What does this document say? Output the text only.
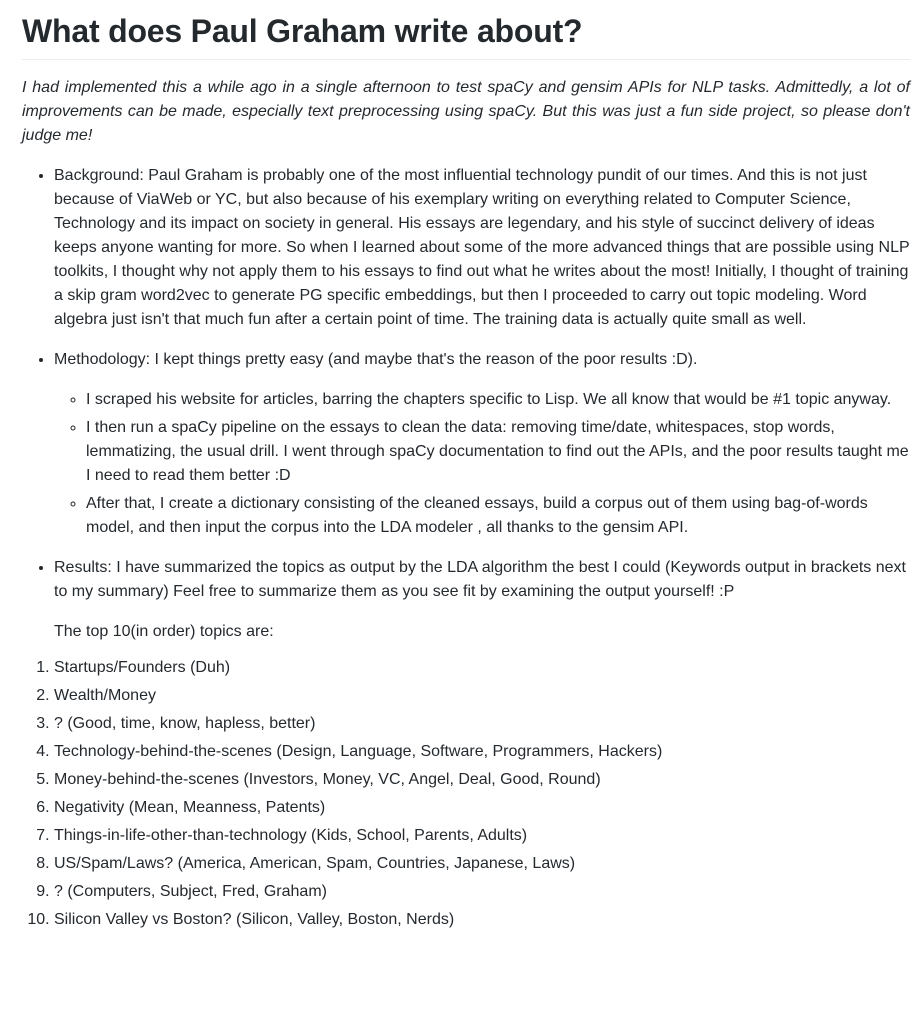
What does Paul Graham write about?

I had implemented this a while ago in a single afternoon to test spaCy and gensim APIs for NLP tasks. Admittedly, a lot of improvements can be made, especially text preprocessing using spaCy. But this was just a fun side project, so please don't judge me!

• Background: Paul Graham is probably one of the most influential technology pundit of our times. And this is not just because of ViaWeb or YC, but also because of his exemplary writing on everything related to Computer Science, Technology and its impact on society in general. His essays are legendary, and his style of succinct delivery of ideas keeps anyone wanting for more. So when I learned about some of the more advanced things that are possible using NLP toolkits, I thought why not apply them to his essays to find out what he writes about the most! Initially, I thought of training a skip gram word2vec to generate PG specific embeddings, but then I proceeded to carry out topic modeling. Word algebra just isn't that much fun after a certain point of time. The training data is actually quite small as well.
• Methodology: I kept things pretty easy (and maybe that's the reason of the poor results :D).
◦ I scraped his website for articles, barring the chapters specific to Lisp. We all know that would be #1 topic anyway.
◦ I then run a spaCy pipeline on the essays to clean the data: removing time/date, whitespaces, stop words, lemmatizing, the usual drill. I went through spaCy documentation to find out the APIs, and the poor results taught me I need to read them better :D
◦ After that, I create a dictionary consisting of the cleaned essays, build a corpus out of them using bag-of-words model, and then input the corpus into the LDA modeler , all thanks to the gensim API.

• Results: I have summarized the topics as output by the LDA algorithm the best I could (Keywords output in brackets next to my summary) Feel free to summarize them as you see fit by examining the output yourself! :P

The top 10(in order) topics are:

1. Startups/Founders (Duh)
2. Wealth/Money
3. ? (Good, time, know, hapless, better)
4. Technology-behind-the-scenes (Design, Language, Software, Programmers, Hackers)
5. Money-behind-the-scenes (Investors, Money, VC, Angel, Deal, Good, Round)
6. Negativity (Mean, Meanness, Patents)
7. Things-in-life-other-than-technology (Kids, School, Parents, Adults)
8. US/Spam/Laws? (America, American, Spam, Countries, Japanese, Laws)
9. ? (Computers, Subject, Fred, Graham)
10. Silicon Valley vs Boston? (Silicon, Valley, Boston, Nerds)
